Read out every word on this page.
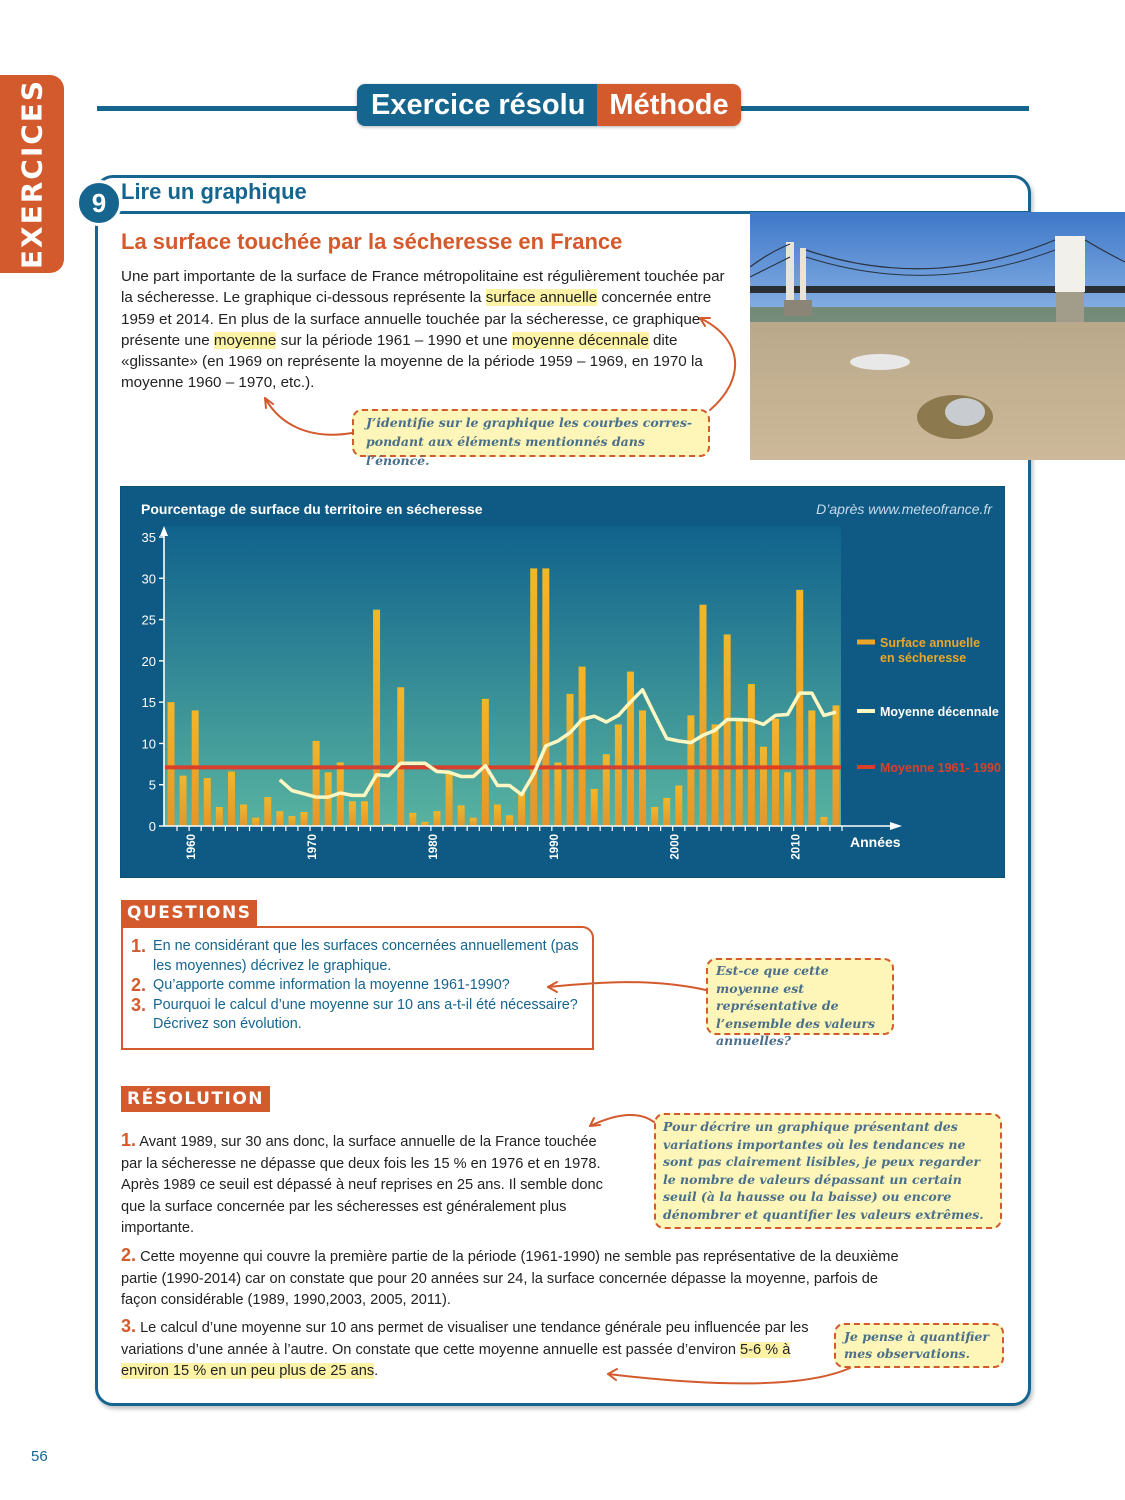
EXERCICES	Exercice résolu Méthode
9 Lire un graphique
La surface touchée par la sécheresse en France
Une part importante de la surface de France métropolitaine est régulièrement touchée par la sécheresse. Le graphique ci-dessous représente la surface annuelle concernée entre 1959 et 2014. En plus de la surface annuelle touchée par la sécheresse, ce graphique présente une moyenne sur la période 1961 – 1990 et une moyenne décennale dite «glissante» (en 1969 on représente la moyenne de la période 1959 – 1969, en 1970 la moyenne 1960 – 1970, etc.).
J’identifie sur le graphique les courbes corres-pondant aux éléments mentionnés dans l’énoncé.
Pourcentage de surface du territoire en sécheresse	D’après www.meteofrance.fr
0
5
10
15
20
25
30
35
1960	1970	1980	1990	2000	2010	Années
Surface annuelle
en sécheresse
Moyenne décennale
Moyenne 1961- 1990
QUESTIONS
1. En ne considérant que les surfaces concernées annuellement (pas les moyennes) décrivez le graphique.
2. Qu’apporte comme information la moyenne 1961-1990?
3. Pourquoi le calcul d’une moyenne sur 10 ans a-t-il été nécessaire? Décrivez son évolution.
Est-ce que cette moyenne est représentative de l’ensemble des valeurs annuelles?
RÉSOLUTION
1. Avant 1989, sur 30 ans donc, la surface annuelle de la France touchée par la sécheresse ne dépasse que deux fois les 15 % en 1976 et en 1978. Après 1989 ce seuil est dépassé à neuf reprises en 25 ans. Il semble donc que la surface concernée par les sécheresses est généralement plus importante.
Pour décrire un graphique présentant des variations importantes où les tendances ne sont pas clairement lisibles, je peux regarder le nombre de valeurs dépassant un certain seuil (à la hausse ou la baisse) ou encore dénombrer et quantifier les valeurs extrêmes.
2. Cette moyenne qui couvre la première partie de la période (1961-1990) ne semble pas représentative de la deuxième partie (1990-2014) car on constate que pour 20 années sur 24, la surface concernée dépasse la moyenne, parfois de façon considérable (1989, 1990,2003, 2005, 2011).
3. Le calcul d’une moyenne sur 10 ans permet de visualiser une tendance générale peu influencée par les variations d’une année à l’autre. On constate que cette moyenne annuelle est passée d’environ 5-6 % à environ 15 % en un peu plus de 25 ans.
Je pense à quantifier mes observations.
56
